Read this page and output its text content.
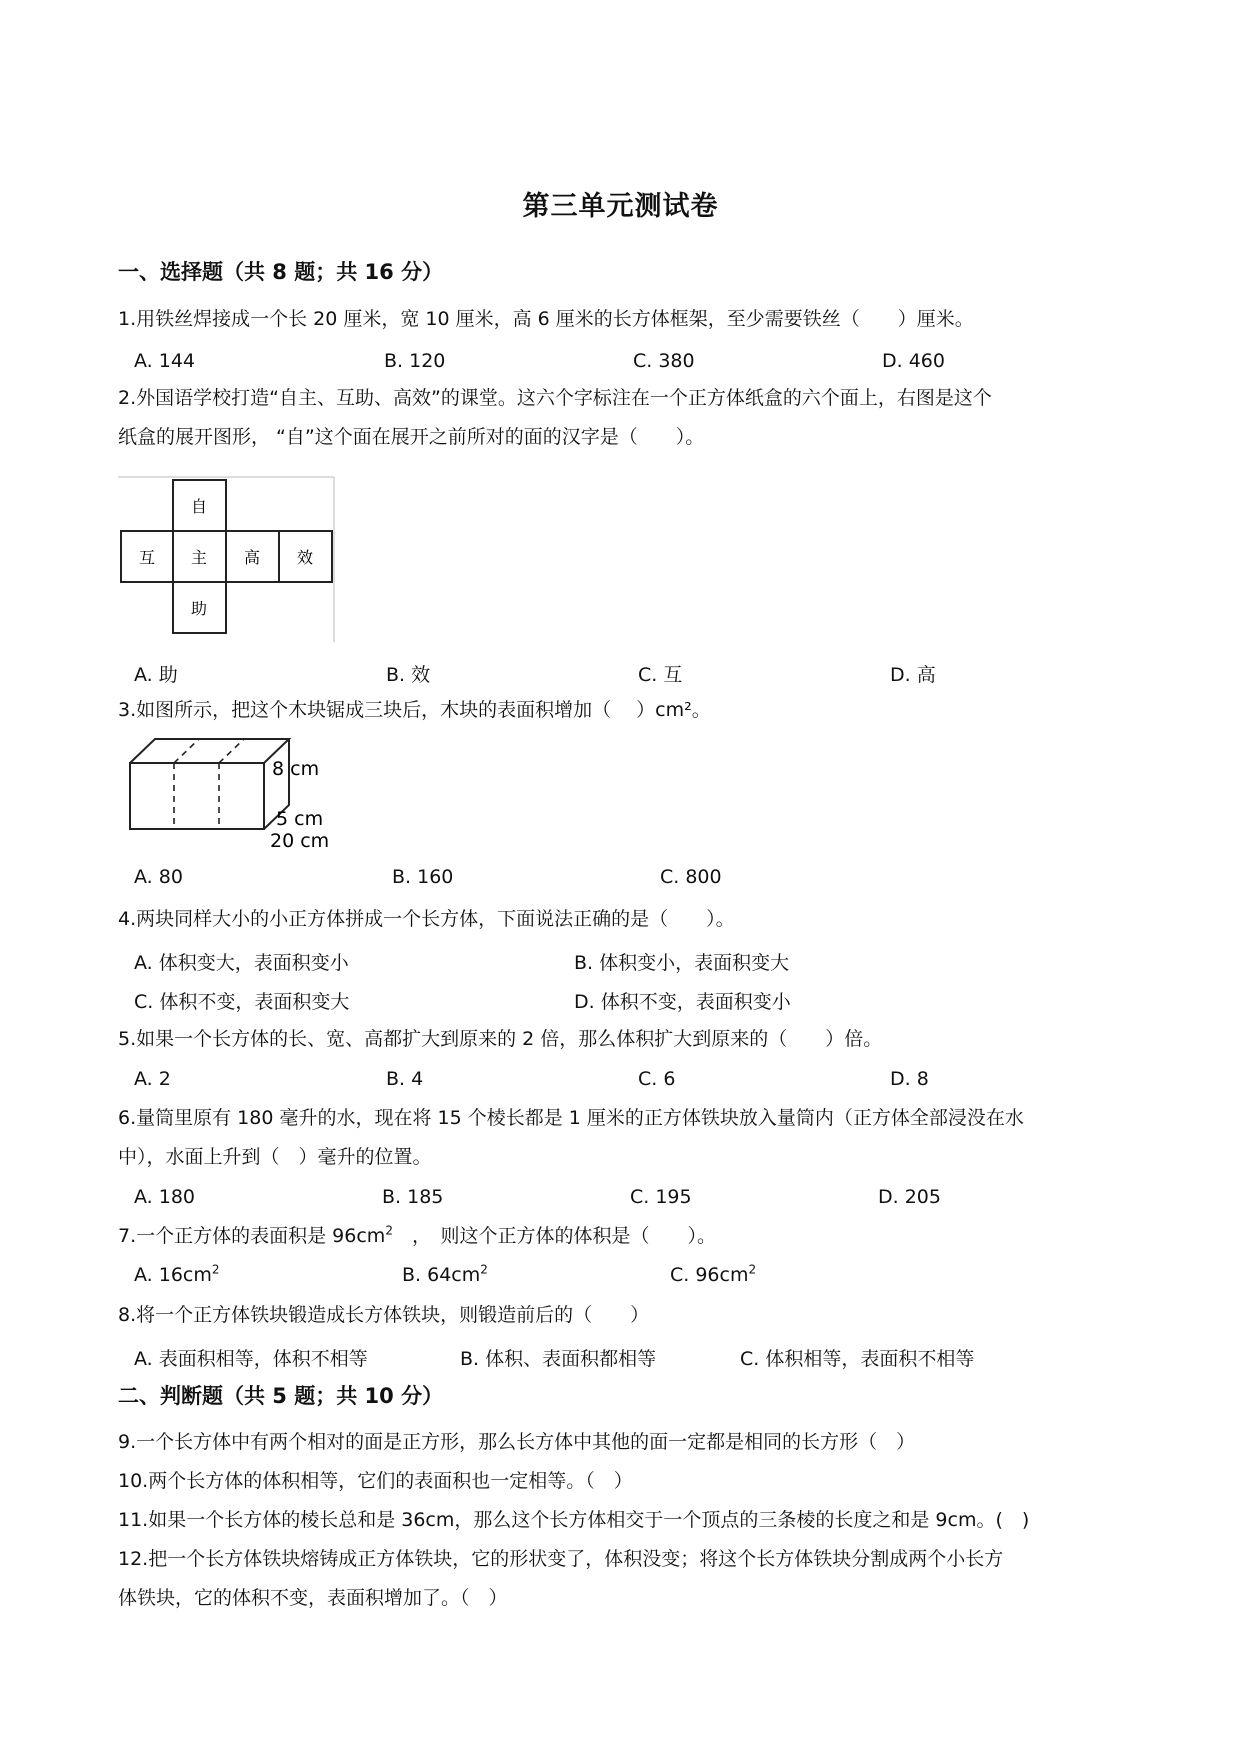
第三单元测试卷
一、选择题（共 8 题；共 16 分）
1.用铁丝焊接成一个长 20 厘米，宽 10 厘米，高 6 厘米的长方体框架，至少需要铁丝（　　）厘米。
A. 144	B. 120	C. 380	D. 460
2.外国语学校打造“自主、互助、高效”的课堂。这六个字标注在一个正方体纸盒的六个面上，右图是这个
纸盒的展开图形， “自”这个面在展开之前所对的面的汉字是（　　）。
自
互 主 高 效
助
A. 助	B. 效	C. 互	D. 高
3.如图所示，把这个木块锯成三块后，木块的表面积增加（　 ）cm²。
20 cm
5 cm
8 cm
A. 80	B. 160	C. 800
4.两块同样大小的小正方体拼成一个长方体，下面说法正确的是（　　）。
A. 体积变大，表面积变小	B. 体积变小，表面积变大
C. 体积不变，表面积变大	D. 体积不变，表面积变小
5.如果一个长方体的长、宽、高都扩大到原来的 2 倍，那么体积扩大到原来的（　　）倍。
A. 2	B. 4	C. 6	D. 8
6.量筒里原有 180 毫升的水，现在将 15 个棱长都是 1 厘米的正方体铁块放入量筒内（正方体全部浸没在水
中），水面上升到（　）毫升的位置。
A. 180	B. 185	C. 195	D. 205
7.一个正方体的表面积是 $96cm^2$　，　则这个正方体的体积是（　　）。
A. $16cm^2$	B. $64cm^2$	C. $96cm^2$
8.将一个正方体铁块锻造成长方体铁块，则锻造前后的（　　）
A. 表面积相等，体积不相等	B. 体积、表面积都相等	C. 体积相等，表面积不相等
二、判断题（共 5 题；共 10 分）
9.一个长方体中有两个相对的面是正方形，那么长方体中其他的面一定都是相同的长方形（　）
10.两个长方体的体积相等，它们的表面积也一定相等。（　）
11.如果一个长方体的棱长总和是 36cm，那么这个长方体相交于一个顶点的三条棱的长度之和是 9cm。(　)
12.把一个长方体铁块熔铸成正方体铁块，它的形状变了，体积没变；将这个长方体铁块分割成两个小长方
体铁块，它的体积不变，表面积增加了。（　）
